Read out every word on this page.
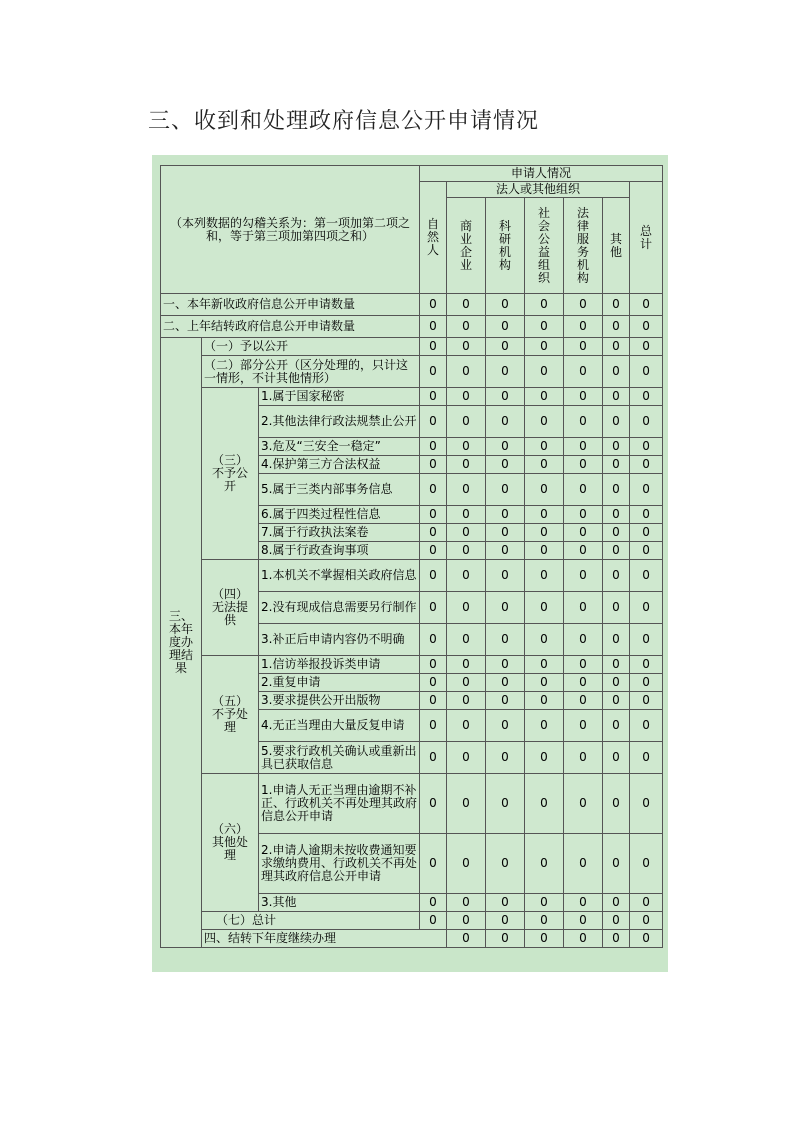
三、收到和处理政府信息公开申请情况
（本列数据的勾稽关系为：第一项加第二项之和，等于第三项加第四项之和）			申请人情况							

			自然人	法人或其他组织					总计	

				商业企业	科研机构	社会公益组织	法律服务机构	其他		

一、本年新收政府信息公开申请数量			0	0	0	0	0	0	0	
二、上年结转政府信息公开申请数量			0	0	0	0	0	0	0	

三、本年度办理结果	（一）予以公开		0	0	0	0	0	0	0	
	（二）部分公开（区分处理的，只计这一情形，不计其他情形）		0	0	0	0	0	0	0	

	（三）不予公开	1.属于国家秘密	0	0	0	0	0	0	0	
		2.其他法律行政法规禁止公开	0	0	0	0	0	0	0	
		3.危及“三安全一稳定”	0	0	0	0	0	0	0	
		4.保护第三方合法权益	0	0	0	0	0	0	0	
		5.属于三类内部事务信息	0	0	0	0	0	0	0	
		6.属于四类过程性信息	0	0	0	0	0	0	0	
		7.属于行政执法案卷	0	0	0	0	0	0	0	
		8.属于行政查询事项	0	0	0	0	0	0	0	

	（四）无法提供	1.本机关不掌握相关政府信息	0	0	0	0	0	0	0	
		2.没有现成信息需要另行制作	0	0	0	0	0	0	0	
		3.补正后申请内容仍不明确	0	0	0	0	0	0	0	

	（五）不予处理	1.信访举报投诉类申请	0	0	0	0	0	0	0	
		2.重复申请	0	0	0	0	0	0	0	
		3.要求提供公开出版物	0	0	0	0	0	0	0	
		4.无正当理由大量反复申请	0	0	0	0	0	0	0	
		5.要求行政机关确认或重新出具已获取信息	0	0	0	0	0	0	0	

	（六）其他处理	1.申请人无正当理由逾期不补正、行政机关不再处理其政府信息公开申请	0	0	0	0	0	0	0	
		2.申请人逾期未按收费通知要求缴纳费用、行政机关不再处理其政府信息公开申请	0	0	0	0	0	0	0	
		3.其他	0	0	0	0	0	0	0	
	（七）总计		0	0	0	0	0	0	0	
	四、结转下年度继续办理			0	0	0	0	0	0	
